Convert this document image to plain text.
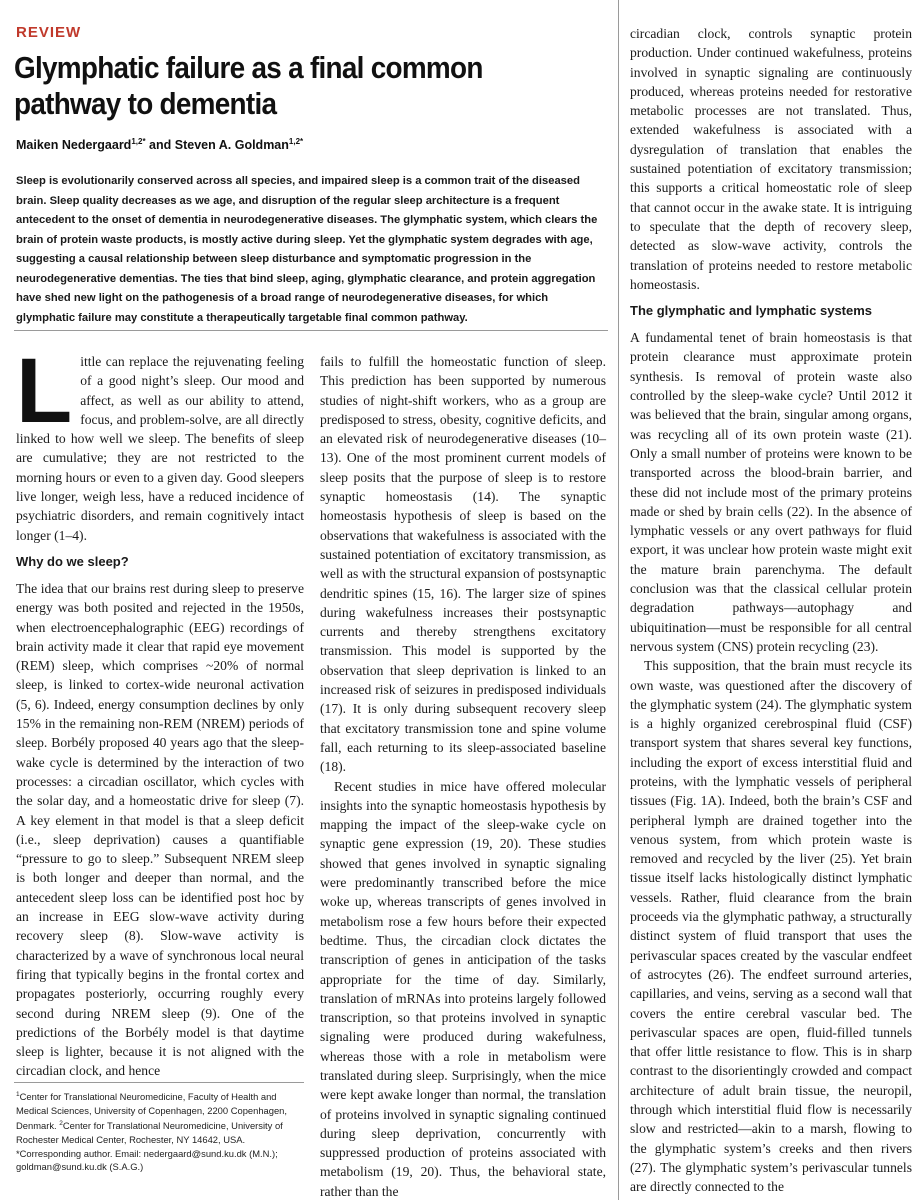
REVIEW
Glymphatic failure as a final common pathway to dementia
Maiken Nedergaard$^{1,2*}$ and Steven A. Goldman$^{1,2*}$

Sleep is evolutionarily conserved across all species, and impaired sleep is a common trait of the diseased brain. Sleep quality decreases as we age, and disruption of the regular sleep architecture is a frequent antecedent to the onset of dementia in neurodegenerative diseases. The glymphatic system, which clears the brain of protein waste products, is mostly active during sleep. Yet the glymphatic system degrades with age, suggesting a causal relationship between sleep disturbance and symptomatic progression in the neurodegenerative dementias. The ties that bind sleep, aging, glymphatic clearance, and protein aggregation have shed new light on the pathogenesis of a broad range of neurodegenerative diseases, for which glymphatic failure may constitute a therapeutically targetable final common pathway.

Little can replace the rejuvenating feeling of a good night’s sleep. Our mood and affect, as well as our ability to attend, focus, and problem-solve, are all directly linked to how well we sleep. The benefits of sleep are cumulative; they are not restricted to the morning hours or even to a given day. Good sleepers live longer, weigh less, have a reduced incidence of psychiatric disorders, and remain cognitively intact longer (1–4).

Why do we sleep?

The idea that our brains rest during sleep to preserve energy was both posited and rejected in the 1950s, when electroencephalographic (EEG) recordings of brain activity made it clear that rapid eye movement (REM) sleep, which comprises ~20% of normal sleep, is linked to cortex-wide neuronal activation (5, 6). Indeed, energy consumption declines by only 15% in the remaining non-REM (NREM) periods of sleep. Borbély proposed 40 years ago that the sleep-wake cycle is determined by the interaction of two processes: a circadian oscillator, which cycles with the solar day, and a homeostatic drive for sleep (7). A key element in that model is that a sleep deficit (i.e., sleep deprivation) causes a quantifiable “pressure to go to sleep.” Subsequent NREM sleep is both longer and deeper than normal, and the antecedent sleep loss can be identified post hoc by an increase in EEG slow-wave activity during recovery sleep (8). Slow-wave activity is characterized by a wave of synchronous local neural firing that typically begins in the frontal cortex and propagates posteriorly, occurring roughly every second during NREM sleep (9). One of the predictions of the Borbély model is that daytime sleep is lighter, because it is not aligned with the circadian clock, and hence

$^1$Center for Translational Neuromedicine, Faculty of Health and Medical Sciences, University of Copenhagen, 2200 Copenhagen, Denmark. $^2$Center for Translational Neuromedicine, University of Rochester Medical Center, Rochester, NY 14642, USA.

*Corresponding author. Email: nedergaard@sund.ku.dk (M.N.); goldman@sund.ku.dk (S.A.G.)

fails to fulfill the homeostatic function of sleep. This prediction has been supported by numerous studies of night-shift workers, who as a group are predisposed to stress, obesity, cognitive deficits, and an elevated risk of neurodegenerative diseases (10–13). One of the most prominent current models of sleep posits that the purpose of sleep is to restore synaptic homeostasis (14). The synaptic homeostasis hypothesis of sleep is based on the observations that wakefulness is associated with the sustained potentiation of excitatory transmission, as well as with the structural expansion of postsynaptic dendritic spines (15, 16). The larger size of spines during wakefulness increases their postsynaptic currents and thereby strengthens excitatory transmission. This model is supported by the observation that sleep deprivation is linked to an increased risk of seizures in predisposed individuals (17). It is only during subsequent recovery sleep that excitatory transmission tone and spine volume fall, each returning to its sleep-associated baseline (18).

Recent studies in mice have offered molecular insights into the synaptic homeostasis hypothesis by mapping the impact of the sleep-wake cycle on synaptic gene expression (19, 20). These studies showed that genes involved in synaptic signaling were predominantly transcribed before the mice woke up, whereas transcripts of genes involved in metabolism rose a few hours before their expected bedtime. Thus, the circadian clock dictates the transcription of genes in anticipation of the tasks appropriate for the time of day. Similarly, translation of mRNAs into proteins largely followed transcription, so that proteins involved in synaptic signaling were produced during wakefulness, whereas those with a role in metabolism were translated during sleep. Surprisingly, when the mice were kept awake longer than normal, the translation of proteins involved in synaptic signaling continued during sleep deprivation, concurrently with suppressed production of proteins associated with metabolism (19, 20). Thus, the behavioral state, rather than the

circadian clock, controls synaptic protein production. Under continued wakefulness, proteins involved in synaptic signaling are continuously produced, whereas proteins needed for restorative metabolic processes are not translated. Thus, extended wakefulness is associated with a dysregulation of translation that enables the sustained potentiation of excitatory transmission; this supports a critical homeostatic role of sleep that cannot occur in the awake state. It is intriguing to speculate that the depth of recovery sleep, detected as slow-wave activity, controls the translation of proteins needed to restore metabolic homeostasis.

The glymphatic and lymphatic systems

A fundamental tenet of brain homeostasis is that protein clearance must approximate protein synthesis. Is removal of protein waste also controlled by the sleep-wake cycle? Until 2012 it was believed that the brain, singular among organs, was recycling all of its own protein waste (21). Only a small number of proteins were known to be transported across the blood-brain barrier, and these did not include most of the primary proteins made or shed by brain cells (22). In the absence of lymphatic vessels or any overt pathways for fluid export, it was unclear how protein waste might exit the mature brain parenchyma. The default conclusion was that the classical cellular protein degradation pathways—autophagy and ubiquitination—must be responsible for all central nervous system (CNS) protein recycling (23).

This supposition, that the brain must recycle its own waste, was questioned after the discovery of the glymphatic system (24). The glymphatic system is a highly organized cerebrospinal fluid (CSF) transport system that shares several key functions, including the export of excess interstitial fluid and proteins, with the lymphatic vessels of peripheral tissues (Fig. 1A). Indeed, both the brain’s CSF and peripheral lymph are drained together into the venous system, from which protein waste is removed and recycled by the liver (25). Yet brain tissue itself lacks histologically distinct lymphatic vessels. Rather, fluid clearance from the brain proceeds via the glymphatic pathway, a structurally distinct system of fluid transport that uses the perivascular spaces created by the vascular endfeet of astrocytes (26). The endfeet surround arteries, capillaries, and veins, serving as a second wall that covers the entire cerebral vascular bed. The perivascular spaces are open, fluid-filled tunnels that offer little resistance to flow. This is in sharp contrast to the disorientingly crowded and compact architecture of adult brain tissue, the neuropil, through which interstitial fluid flow is necessarily slow and restricted—akin to a marsh, flowing to the glymphatic system’s creeks and then rivers (27). The glymphatic system’s perivascular tunnels are directly connected to the
